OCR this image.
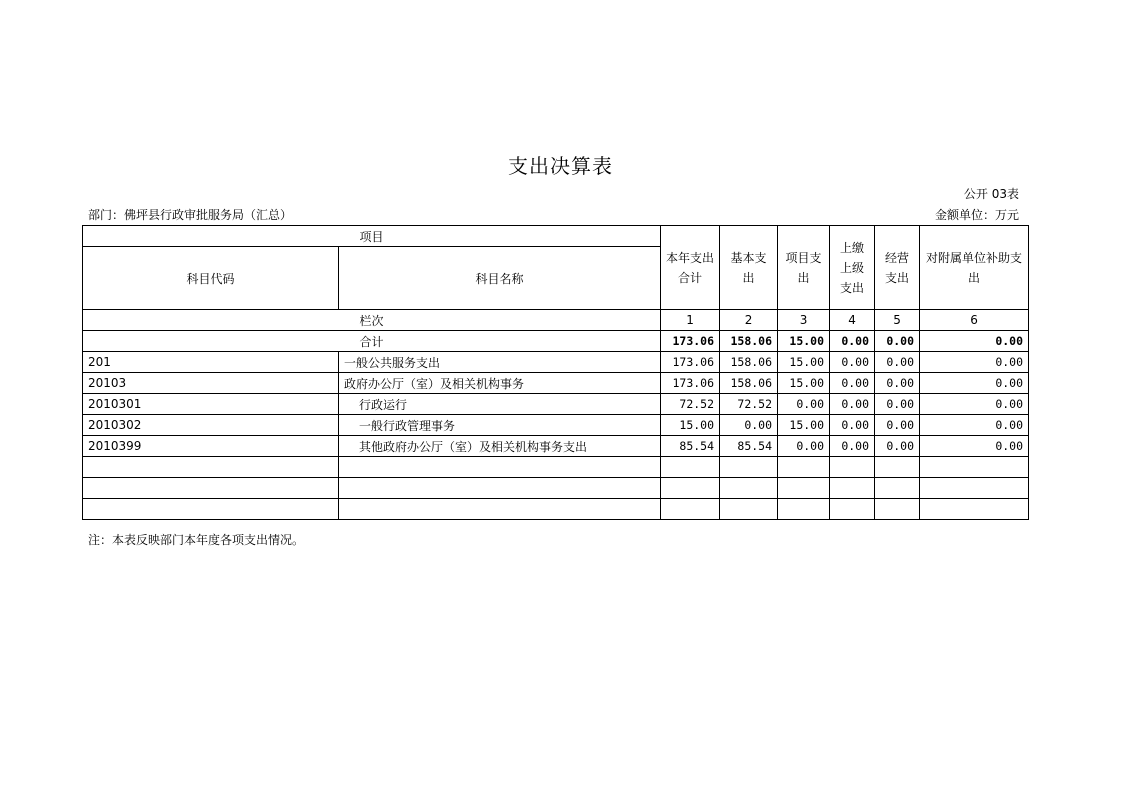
支出决算表
公开 03表
部门：佛坪县行政审批服务局（汇总）	金额单位：万元
项目		本年支出合计	基本支出	项目支出	上缴上级支出	经营支出	对附属单位补助支出
科目代码	科目名称						
栏次		1	2	3	4	5	6
合计		173.06	158.06	15.00	0.00	0.00	0.00
201	一般公共服务支出	173.06	158.06	15.00	0.00	0.00	0.00
20103	政府办公厅（室）及相关机构事务	173.06	158.06	15.00	0.00	0.00	0.00
2010301	行政运行	72.52	72.52	0.00	0.00	0.00	0.00
2010302	一般行政管理事务	15.00	0.00	15.00	0.00	0.00	0.00
2010399	其他政府办公厅（室）及相关机构事务支出	85.54	85.54	0.00	0.00	0.00	0.00

注：本表反映部门本年度各项支出情况。
